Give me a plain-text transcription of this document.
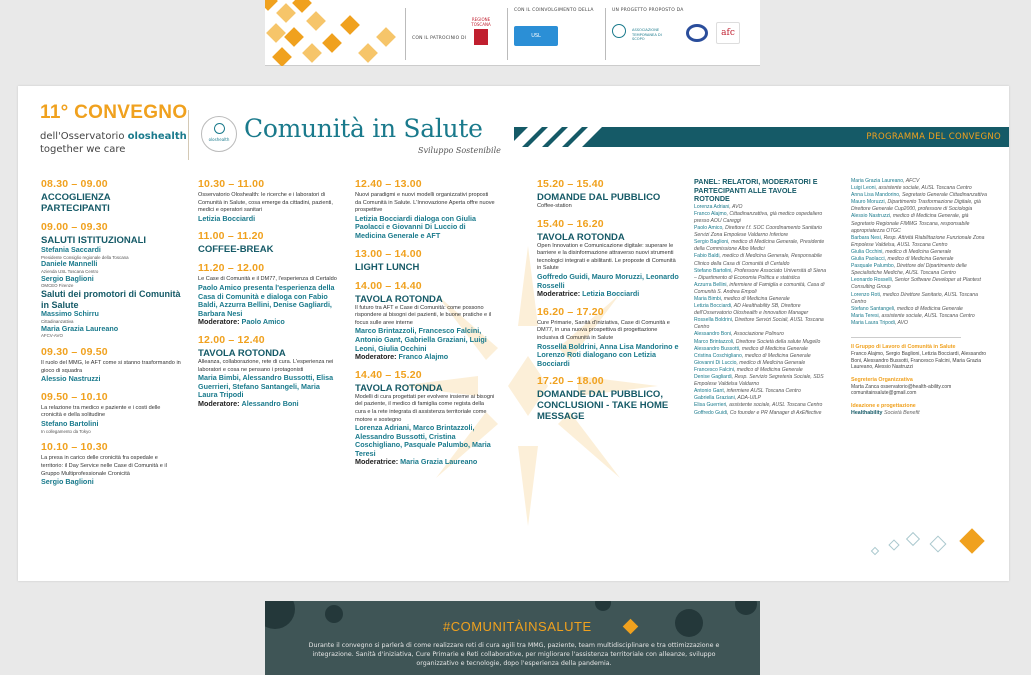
CON IL PATROCINIO DI
REGIONE TOSCANA
CON IL COINVOLGIMENTO DELLA
USL
UN PROGETTO PROPOSTO DA
ASSOCIAZIONE TEMPORANEA DI SCOPO
afc
11° CONVEGNO
dell'Osservatorio oloshealth
together we care
oloshealth Comunità in Salute
Sviluppo Sostenibile
PROGRAMMA DEL CONVEGNO
08.30 – 09.00
ACCOGLIENZA PARTECIPANTI
09.00 – 09.30
SALUTI ISTITUZIONALI
Stefania Saccardi
Presidente Consiglio regionale della Toscana
Daniele Mannelli
Azienda USL Toscana Centro
Sergio Baglioni
OMCEO Firenze
Saluti dei promotori di Comunità in Salute
Massimo Schirru
Cittadinanzattiva
Maria Grazia Laureano
AFCV-AVO
09.30 – 09.50
Il ruolo del MMG, le AFT come si stanno trasformando in gioco di squadra
Alessio Nastruzzi
09.50 – 10.10
La relazione tra medico e paziente e i costi delle cronicità e della solitudine
Stefano Bartolini
In collegamento da Tokyo
10.10 – 10.30
La presa in carico delle cronicità fra ospedale e territorio: il Day Service nelle Case di Comunità e il Gruppo Multiprofessionale Cronicità
Sergio Baglioni
10.30 – 11.00
Osservatorio Oloshealth: le ricerche e i laboratori di Comunità in Salute, cosa emerge da cittadini, pazienti, medici e operatori sanitari
Letizia Bocciardi
11.00 – 11.20
COFFEE-BREAK
11.20 – 12.00
Le Case di Comunità e il DM77, l'esperienza di Certaldo
Paolo Amico presenta l'esperienza della Casa di Comunità e dialoga con Fabio Baldi, Azzurra Bellini, Denise Gagliardi, Barbara Nesi
Moderatore: Paolo Amico
12.00 – 12.40
TAVOLA ROTONDA
Alleanza, collaborazione, rete di cura. L'esperienza nei laboratori e cosa ne pensano i protagonisti
Maria Bimbi, Alessandro Bussotti, Elisa Guerrieri, Stefano Santangeli, Maria Laura Tripodi
Moderatore: Alessandro Boni
12.40 – 13.00
Nuovi paradigmi e nuovi modelli organizzativi proposti da Comunità in Salute. L'Innovazione Aperta offre nuove prospettive
Letizia Bocciardi dialoga con Giulia Paolacci e Giovanni Di Luccio di Medicina Generale e AFT
13.00 – 14.00
LIGHT LUNCH
14.00 – 14.40
TAVOLA ROTONDA
Il futuro tra AFT e Case di Comunità: come possono rispondere ai bisogni dei pazienti, le buone pratiche e il focus sulle aree interne
Marco Brintazzoli, Francesco Falcini, Antonio Gant, Gabriella Graziani, Luigi Leoni, Giulia Occhini
Moderatore: Franco Alajmo
14.40 – 15.20
TAVOLA ROTONDA
Modelli di cura progettati per evolvere insieme ai bisogni del paziente, il medico di famiglia come regista della cura e la rete integrata di assistenza territoriale come motore e sostegno
Lorenza Adriani, Marco Brintazzoli, Alessandro Bussotti, Cristina Coschigliano, Pasquale Palumbo, Maria Teresi
Moderatrice: Maria Grazia Laureano
15.20 – 15.40
DOMANDE DAL PUBBLICO
Coffee-station
15.40 – 16.20
TAVOLA ROTONDA
Open Innovation e Comunicazione digitale: superare le barriere e la disinformazione attraverso nuovi strumenti tecnologici integrati e abilitanti. Le proposte di Comunità in Salute
Goffredo Guidi, Mauro Moruzzi, Leonardo Rosselli
Moderatrice: Letizia Bocciardi
16.20 – 17.20
Cure Primarie, Sanità d'iniziativa, Case di Comunità e DM77, in una nuova prospettiva di progettazione inclusiva di Comunità in Salute
Rossella Boldrini, Anna Lisa Mandorino e Lorenzo Roti dialogano con Letizia Bocciardi
17.20 – 18.00
DOMANDE DAL PUBBLICO, CONCLUSIONI - TAKE HOME MESSAGE
PANEL: RELATORI, MODERATORI E PARTECIPANTI ALLE TAVOLE ROTONDE
Lorenza Adriani, AVO
Franco Alajmo, Cittadinanzattiva, già medico ospedaliero presso AOU Careggi
Paolo Amico, Direttore f.f. SOC Coordinamento Sanitario Servizi Zona Empolese Valdarno Inferiore
Sergio Baglioni, medico di Medicina Generale, Presidente della Commissione Albo Medici
Fabio Baldi, medico di Medicina Generale, Responsabile Clinico della Casa di Comunità di Certaldo
Stefano Bartolini, Professore Associato Università di Siena – Dipartimento di Economia Politica e statistica
Azzurra Bellini, infermiere di Famiglia e comunità, Casa di Comunità S. Andrea Empoli
Maria Bimbi, medico di Medicina Generale
Letizia Bocciardi, AD Healthability SB, Direttore dell'Osservatorio Oloshealth e Innovation Manager
Rossella Boldrini, Direttore Servizi Sociali, AUSL Toscana Centro
Alessandro Boni, Associazione Polinuro
Marco Brintazzoli, Direttore Società della salute Mugello
Alessandro Bussotti, medico di Medicina Generale
Cristina Coschigliano, medico di Medicina Generale
Giovanni Di Luccio, medico di Medicina Generale
Francesco Falcini, medico di Medicina Generale
Denise Gagliardi, Resp. Servizio Segreteria Sociale, SDS Empolese Valdelsa Valdarno
Antonio Gant, infermiere AUSL Toscana Centro
Gabriella Graziani, ADA-UILP
Elisa Guerrieri, assistente sociale, AUSL Toscana Centro
Goffredo Guidi, Co founder e PR Manager di AxEffective
Maria Grazia Laureano, AFCV
Luigi Leoni, assistente sociale, AUSL Toscana Centro
Anna Lisa Mandorino, Segretario Generale Cittadinanzattiva
Mauro Moruzzi, Dipartimento Trasformazione Digitale, già Direttore Generale Cup2000, professore di Sociologia
Alessio Nastruzzi, medico di Medicina Generale, già Segretario Regionale FIMMG Toscana, responsabile appropriatezza OTGC
Barbara Nesi, Resp. Attività Riabilitazione Funzionale Zona Empolese Valdelsa, AUSL Toscana Centro
Giulia Occhini, medico di Medicina Generale
Giulia Paolacci, medico di Medicina Generale
Pasquale Palumbo, Direttore del Dipartimento delle Specialistiche Mediche, AUSL Toscana Centro
Leonardo Rosselli, Senior Software Developer at Plantest Consulting Group
Lorenzo Roti, medico Direttore Sanitario, AUSL Toscana Centro
Stefano Santangeli, medico di Medicina Generale
Maria Teresi, assistente sociale, AUSL Toscana Centro
Maria Laura Tripodi, AVO
Il Gruppo di Lavoro di Comunità in Salute
Franco Alajmo, Sergio Baglioni, Letizia Bocciardi, Alessandro Boni, Alessandro Bussotti, Francesco Falcini, Maria Grazia Laureano, Alessio Nastruzzi
Segreteria Organizzativa
Marta Zanca osservatorio@health-ability.com comunitainsalute@gmail.com
Ideazione e progettazione
Healthability Società Benefit
#COMUNITÀINSALUTE
Durante il convegno si parlerà di come realizzare reti di cura agili tra MMG, paziente, team multidisciplinare e tra ottimizzazione e integrazione. Sanità d'iniziativa, Cure Primarie e Reti collaborative, per migliorare l'assistenza territoriale con alleanze, sviluppo organizzativo e tecnologie, dopo l'esperienza della pandemia.
